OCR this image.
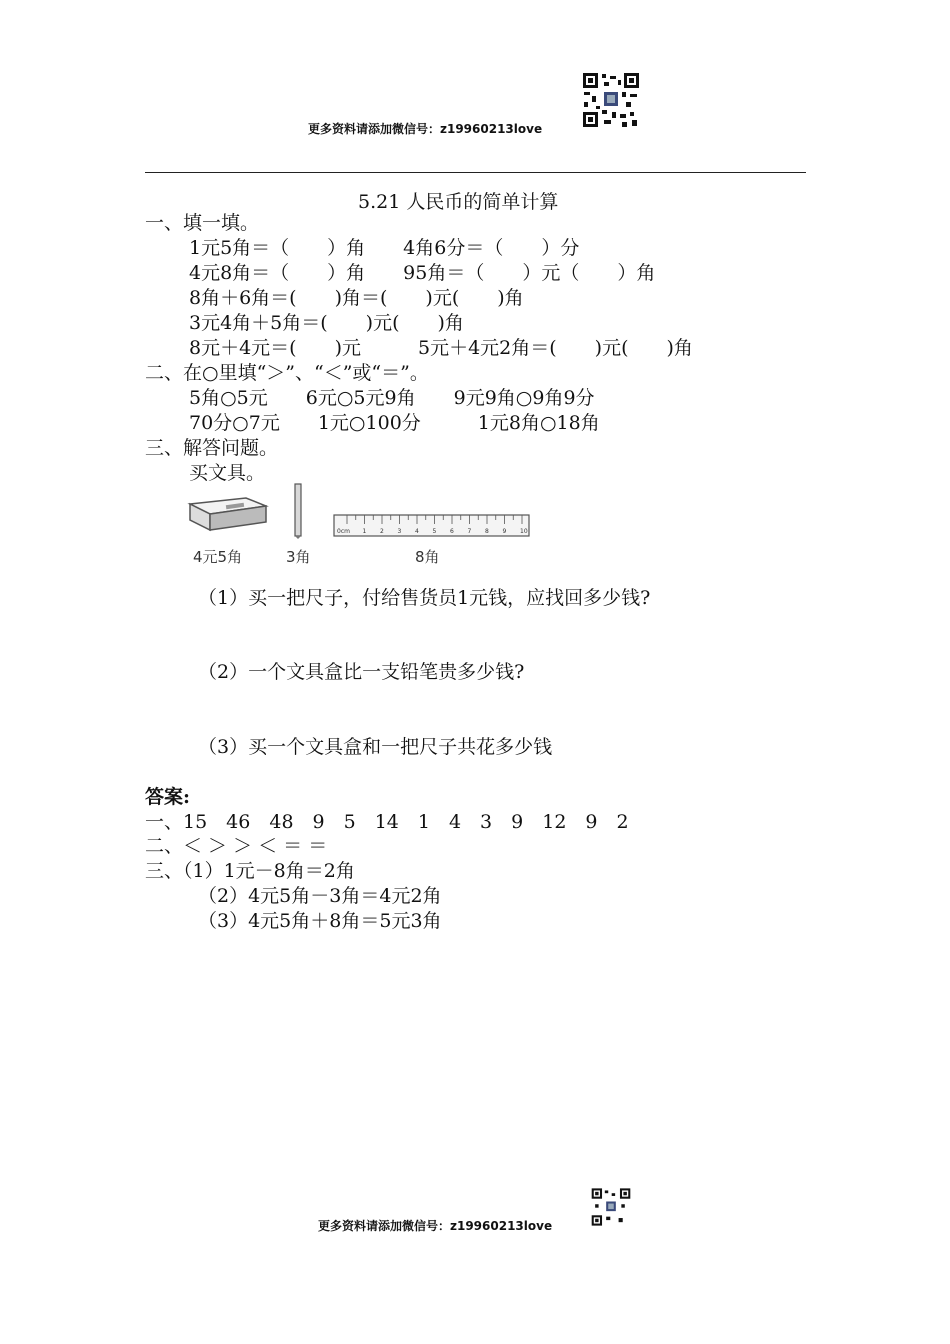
更多资料请添加微信号：z19960213love
5.21 人民币的简单计算
一、填一填。
1元5角＝（　　）角　　4角6分＝（　　）分
4元8角＝（　　）角　　95角＝（　　）元（　　）角
8角＋6角＝(　　)角＝(　　)元(　　)角
3元4角＋5角＝(　　)元(　　)角
8元＋4元＝(　　)元　　　5元＋4元2角＝(　　)元(　　)角
二、在○里填“＞”、“＜”或“＝”。
5角○5元　　6元○5元9角　　9元9角○9角9分
70分○7元　　1元○100分　　　1元8角○18角
三、解答问题。
买文具。
0cm 1 2 3 4 5 6 7 8 9 10
4元5角	3角	8角
（1）买一把尺子，付给售货员1元钱，应找回多少钱?
（2）一个文具盒比一支铅笔贵多少钱?
（3）买一个文具盒和一把尺子共花多少钱
答案:
一、15　46　48　9　5　14　1　4　3　9　12　9　2
二、＜ ＞ ＞ ＜ ＝ ＝
三、（1）1元－8角＝2角
（2）4元5角－3角＝4元2角
（3）4元5角＋8角＝5元3角
更多资料请添加微信号：z19960213love
